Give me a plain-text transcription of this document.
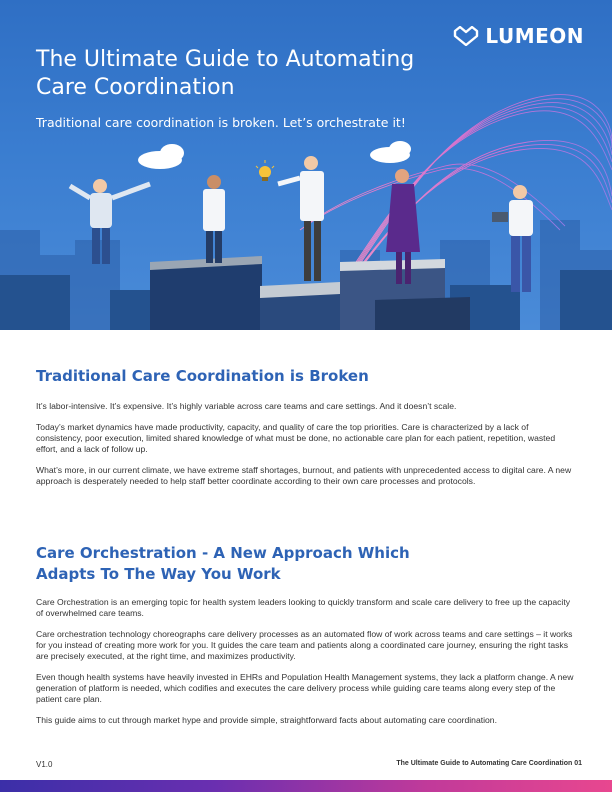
LUMEON
The Ultimate Guide to Automating Care Coordination

Traditional care coordination is broken. Let’s orchestrate it!

Traditional Care Coordination is Broken

It’s labor-intensive. It’s expensive. It’s highly variable across care teams and care settings. And it doesn’t scale.

Today’s market dynamics have made productivity, capacity, and quality of care the top priorities. Care is characterized by a lack of consistency, poor execution, limited shared knowledge of what must be done, no actionable care plan for each patient, repetition, wasted effort, and a lack of follow up.

What’s more, in our current climate, we have extreme staff shortages, burnout, and patients with unprecedented access to digital care. A new approach is desperately needed to help staff better coordinate according to their own care processes and protocols.

Care Orchestration - A New Approach Which Adapts To The Way You Work

Care Orchestration is an emerging topic for health system leaders looking to quickly transform and scale care delivery to free up the capacity of overwhelmed care teams.

Care orchestration technology choreographs care delivery processes as an automated flow of work across teams and care settings – it works for you instead of creating more work for you. It guides the care team and patients along a coordinated care journey, ensuring the right tasks are precisely executed, at the right time, and maximizes productivity.

Even though health systems have heavily invested in EHRs and Population Health Management systems, they lack a platform change. A new generation of platform is needed, which codifies and executes the care delivery process while guiding care teams along every step of the patient care plan.

This guide aims to cut through market hype and provide simple, straightforward facts about automating care coordination.

V1.0	The Ultimate Guide to Automating Care Coordination 01
